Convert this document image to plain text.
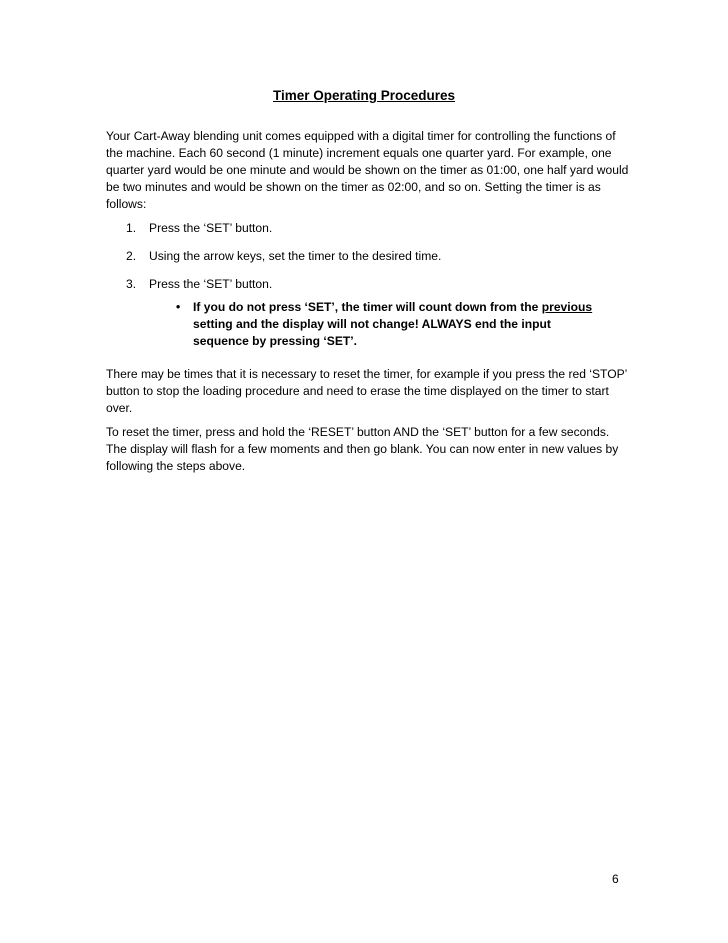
Timer Operating Procedures

Your Cart-Away blending unit comes equipped with a digital timer for controlling the functions of the machine. Each 60 second (1 minute) increment equals one quarter yard. For example, one quarter yard would be one minute and would be shown on the timer as 01:00, one half yard would be two minutes and would be shown on the timer as 02:00, and so on. Setting the timer is as follows:

1. Press the ‘SET’ button.
2. Using the arrow keys, set the timer to the desired time.
3. Press the ‘SET’ button.
• If you do not press ‘SET’, the timer will count down from the previous setting and the display will not change! ALWAYS end the input sequence by pressing ‘SET’.

There may be times that it is necessary to reset the timer, for example if you press the red ‘STOP’ button to stop the loading procedure and need to erase the time displayed on the timer to start over.

To reset the timer, press and hold the ‘RESET’ button AND the ‘SET’ button for a few seconds. The display will flash for a few moments and then go blank. You can now enter in new values by following the steps above.

6
